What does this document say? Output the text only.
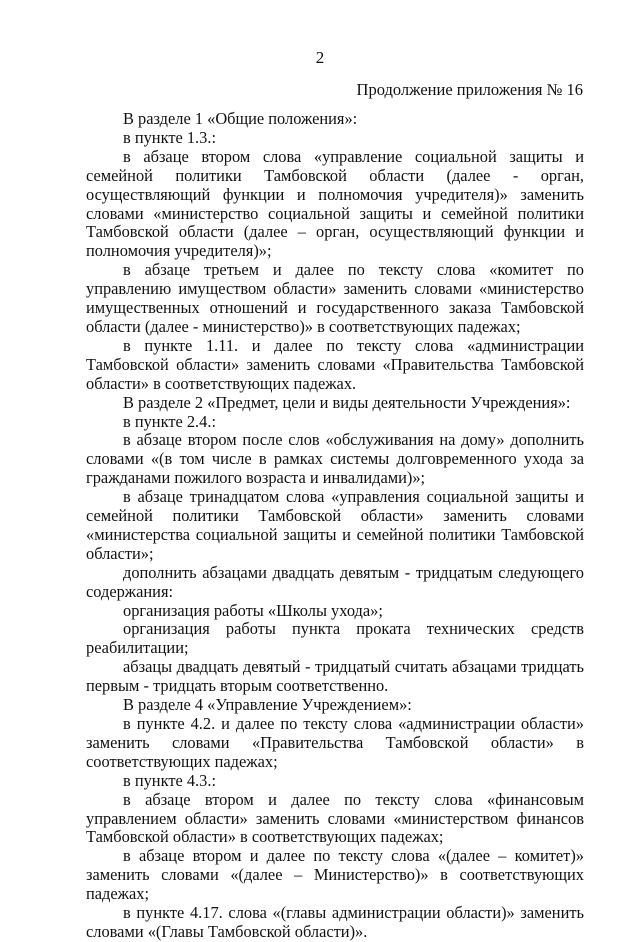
2
Продолжение приложения № 16

В разделе 1 «Общие положения»:

в пункте 1.3.:

в абзаце втором слова «управление социальной защиты и семейной политики Тамбовской области (далее - орган, осуществляющий функции и полномочия учредителя)» заменить словами «министерство социальной защиты и семейной политики Тамбовской области (далее – орган, осуществляющий функции и полномочия учредителя)»;

в абзаце третьем и далее по тексту слова «комитет по управлению имуществом области» заменить словами «министерство имущественных отношений и государственного заказа Тамбовской области (далее - министерство)» в соответствующих падежах;

в пункте 1.11. и далее по тексту слова «администрации Тамбовской области» заменить словами «Правительства Тамбовской области» в соответствующих падежах.

В разделе 2 «Предмет, цели и виды деятельности Учреждения»:

в пункте 2.4.:

в абзаце втором после слов «обслуживания на дому» дополнить словами «(в том числе в рамках системы долговременного ухода за гражданами пожилого возраста и инвалидами)»;

в абзаце тринадцатом слова «управления социальной защиты и семейной политики Тамбовской области» заменить словами «министерства социальной защиты и семейной политики Тамбовской области»;

дополнить абзацами двадцать девятым - тридцатым следующего содержания:

организация работы «Школы ухода»;

организация работы пункта проката технических средств реабилитации;

абзацы двадцать девятый - тридцатый считать абзацами тридцать первым - тридцать вторым соответственно.

В разделе 4 «Управление Учреждением»:

в пункте 4.2. и далее по тексту слова «администрации области» заменить словами «Правительства Тамбовской области» в соответствующих падежах;

в пункте 4.3.:

в абзаце втором и далее по тексту слова «финансовым управлением области» заменить словами «министерством финансов Тамбовской области» в соответствующих падежах;

в абзаце втором и далее по тексту слова «(далее – комитет)» заменить словами «(далее – Министерство)» в соответствующих падежах;

в пункте 4.17. слова «(главы администрации области)» заменить словами «(Главы Тамбовской области)».
